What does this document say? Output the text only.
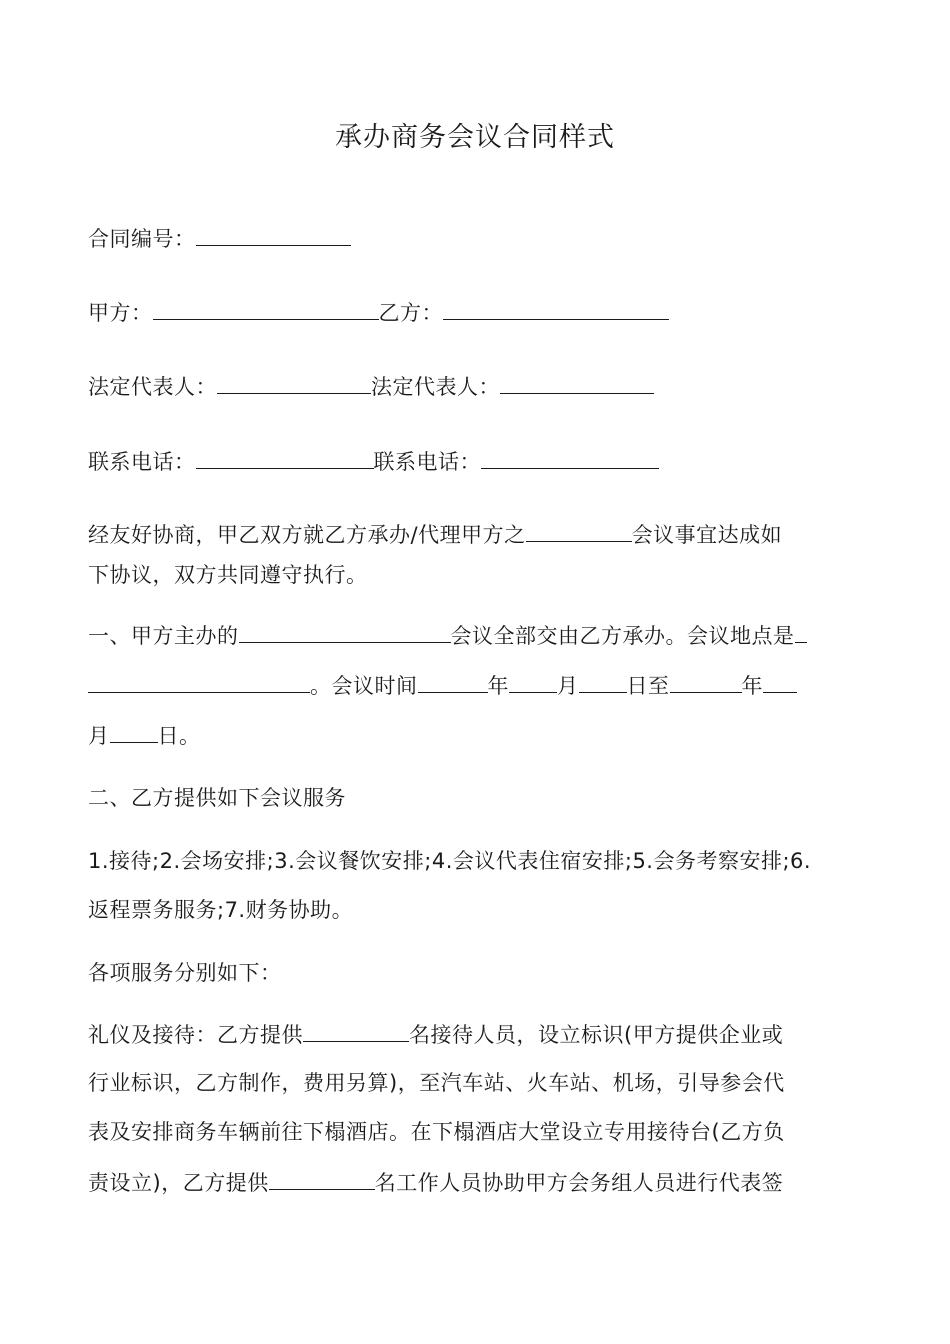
承办商务会议合同样式
合同编号：
甲方：	乙方：
法定代表人：	法定代表人：
联系电话：	联系电话：
经友好协商，甲乙双方就乙方承办/代理甲方之	会议事宜达成如
下协议，双方共同遵守执行。
一、甲方主办的	会议全部交由乙方承办。会议地点是
。会议时间	年 月 日至	年
月 日。
二、乙方提供如下会议服务
1.接待;2.会场安排;3.会议餐饮安排;4.会议代表住宿安排;5.会务考察安排;6.
返程票务服务;7.财务协助。
各项服务分别如下：
礼仪及接待：乙方提供	名接待人员，设立标识(甲方提供企业或
行业标识，乙方制作，费用另算)，至汽车站、火车站、机场，引导参会代
表及安排商务车辆前往下榻酒店。在下榻酒店大堂设立专用接待台(乙方负
责设立)，乙方提供	名工作人员协助甲方会务组人员进行代表签
